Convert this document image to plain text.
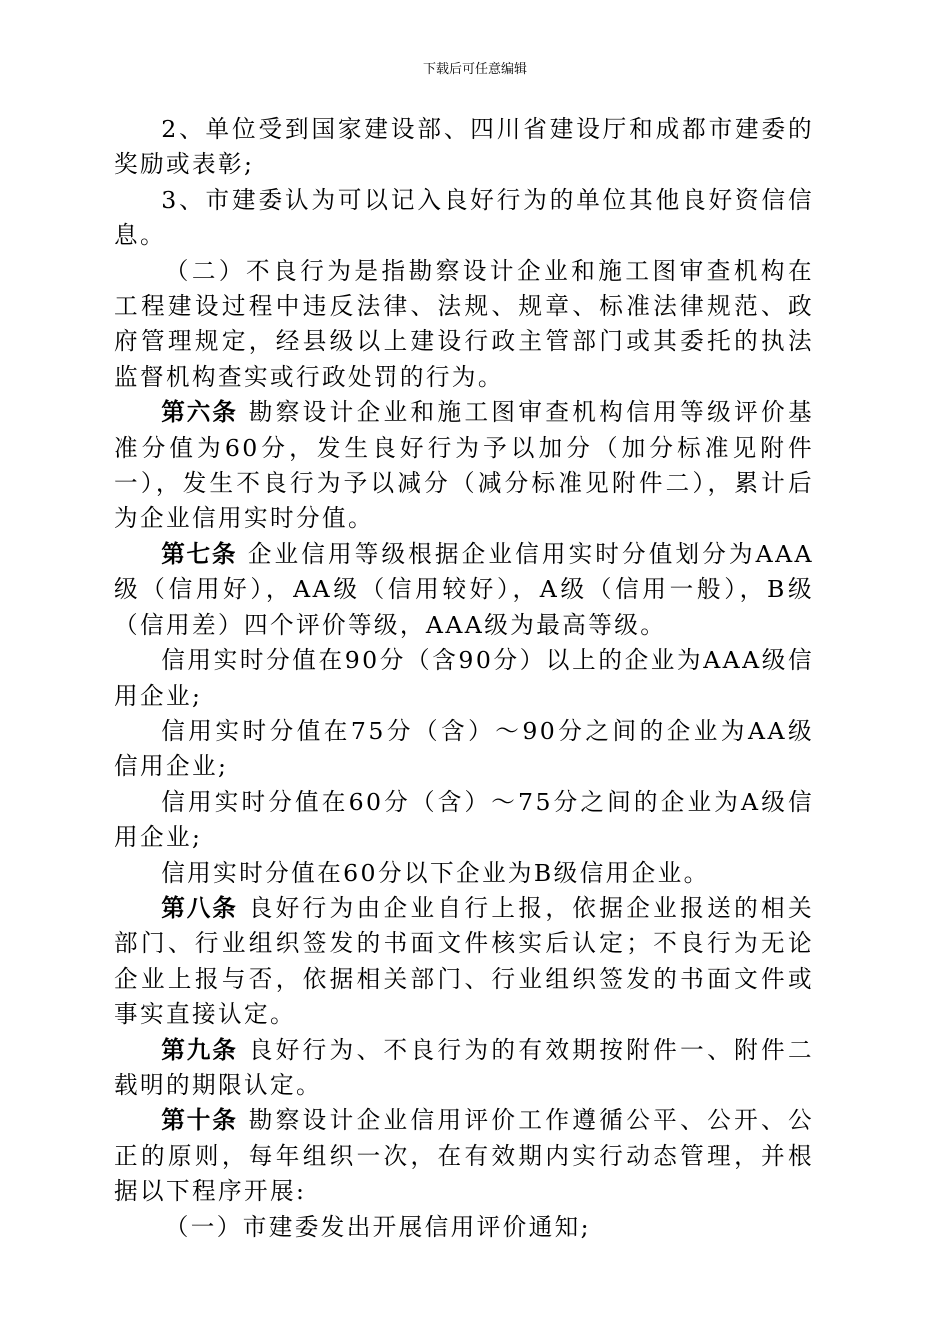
下载后可任意编辑

2、单位受到国家建设部、四川省建设厅和成都市建委的奖励或表彰;

3、市建委认为可以记入良好行为的单位其他良好资信信息。

（二）不良行为是指勘察设计企业和施工图审查机构在工程建设过程中违反法律、法规、规章、标准法律规范、政府管理规定，经县级以上建设行政主管部门或其委托的执法监督机构查实或行政处罚的行为。

第六条 勘察设计企业和施工图审查机构信用等级评价基准分值为60分，发生良好行为予以加分（加分标准见附件一），发生不良行为予以减分（减分标准见附件二），累计后为企业信用实时分值。

第七条 企业信用等级根据企业信用实时分值划分为AAA级（信用好），AA级（信用较好），A级（信用一般），B级（信用差）四个评价等级，AAA级为最高等级。

信用实时分值在90分（含90分）以上的企业为AAA级信用企业;

信用实时分值在75分（含）～90分之间的企业为AA级信用企业;

信用实时分值在60分（含）～75分之间的企业为A级信用企业;

信用实时分值在60分以下企业为B级信用企业。

第八条 良好行为由企业自行上报，依据企业报送的相关部门、行业组织签发的书面文件核实后认定；不良行为无论企业上报与否，依据相关部门、行业组织签发的书面文件或事实直接认定。

第九条 良好行为、不良行为的有效期按附件一、附件二载明的期限认定。

第十条 勘察设计企业信用评价工作遵循公平、公开、公正的原则，每年组织一次，在有效期内实行动态管理，并根据以下程序开展:

（一）市建委发出开展信用评价通知;
